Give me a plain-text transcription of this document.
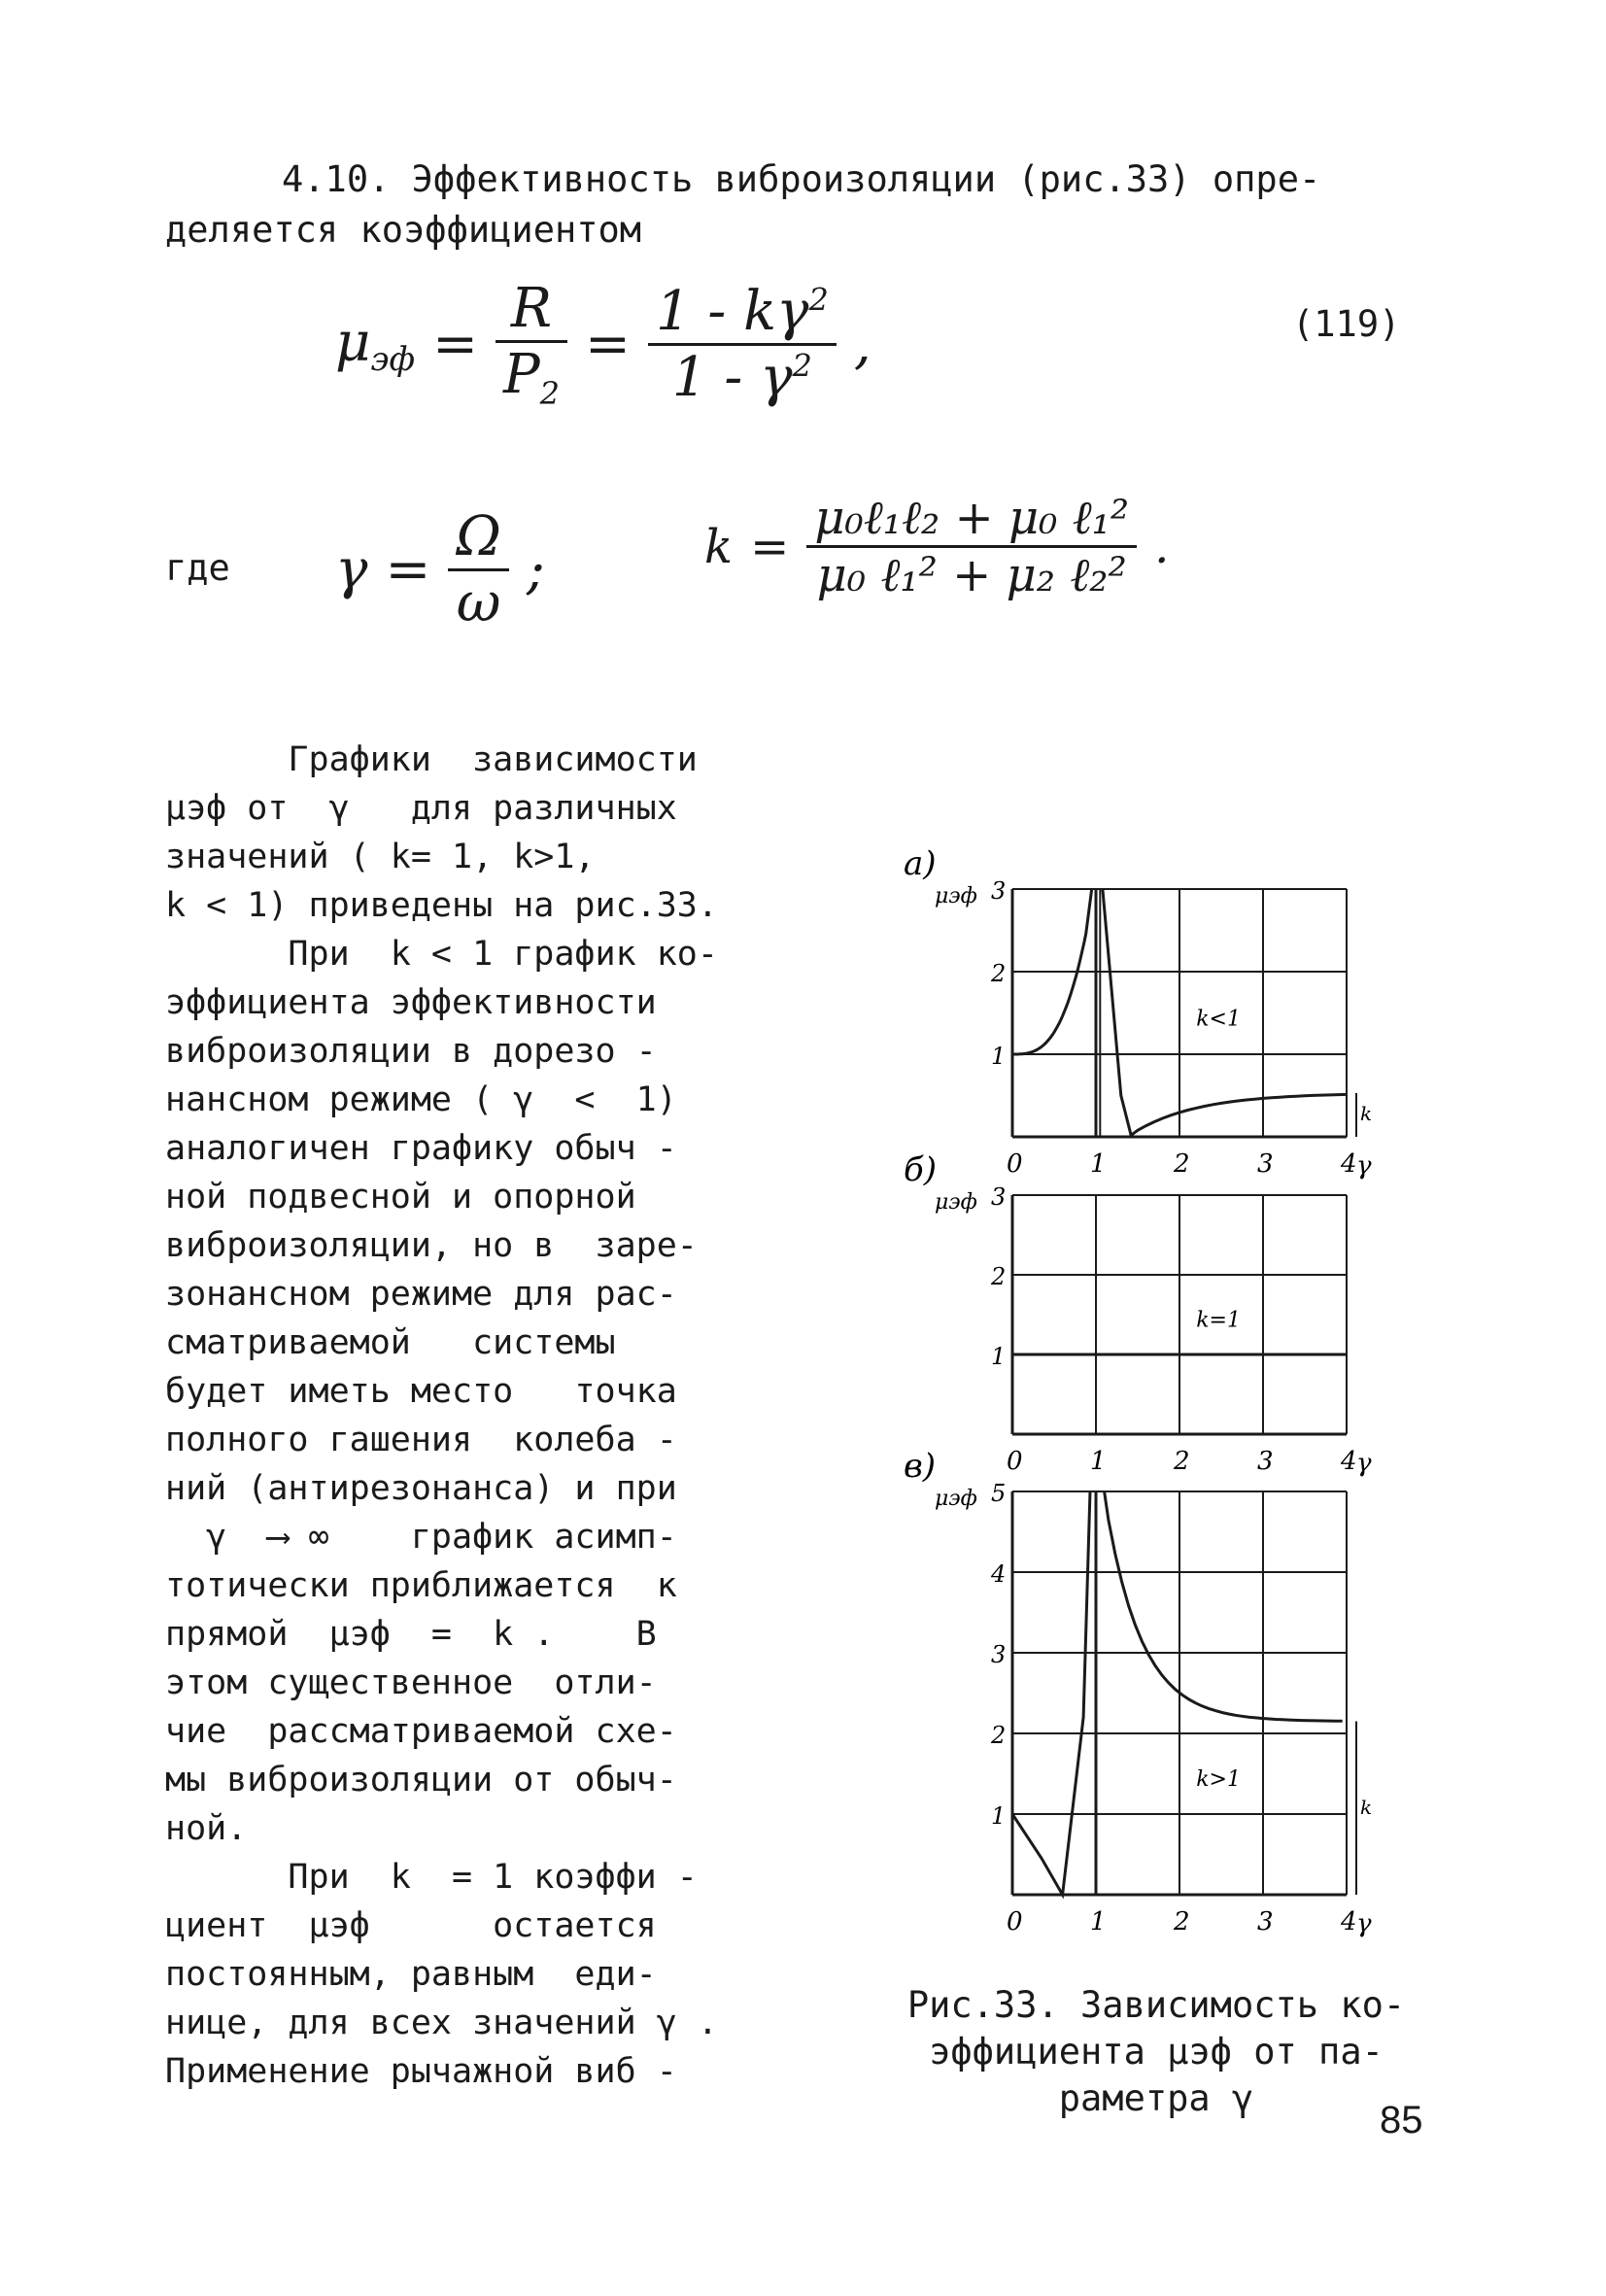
4.10. Эффективность виброизоляции (рис.33) опре-
деляется коэффициентом
$\mu_{эф} = \frac{R}{P_2} = \frac{1 - k\gamma^2}{1 - \gamma^2}$ ,	(119)
где $\gamma = \frac{\Omega}{\omega}$ ;	$k = \frac{\text{μ₀ℓ₁ℓ₂ + μ₀ ℓ₁²}}{\text{μ₀ ℓ₁² + μ₂ ℓ₂²}}$ .
Графики  зависимости
μэф от  γ   для различных
значений ( k= 1, k>1,
k < 1) приведены на рис.33.
При  k < 1 график ко-
эффициента эффективности
виброизоляции в дорезо -
нансном режиме ( γ  <  1)
аналогичен графику обыч -
ной подвесной и опорной
виброизоляции, но в  заре-
зонансном режиме для рас-
сматриваемой   системы
будет иметь место   точка
полного гашения  колеба -
ний (антирезонанса) и при
γ  ⟶ ∞    график асимп-
тотически приближается  к
прямой  μэф  =  k .    В
этом существенное  отли-
чие  рассматриваемой схе-
мы виброизоляции от обыч-
ной.
При  k  = 1 коэффи -
циент  μэф      остается
постоянным, равным  еди-
нице, для всех значений γ .
Применение рычажной виб -
а)
μэф
1
2
3
0	1	2	3	4 γ
k<1
k
б)
μэф
1
2
3
0	1	2	3	4 γ
k=1
в)
μэф
1
2
3
4
5
0	1	2	3	4 γ
k>1
k
Рис.33. Зависимость ко-
эффициента μэф от па-
раметра γ
85
